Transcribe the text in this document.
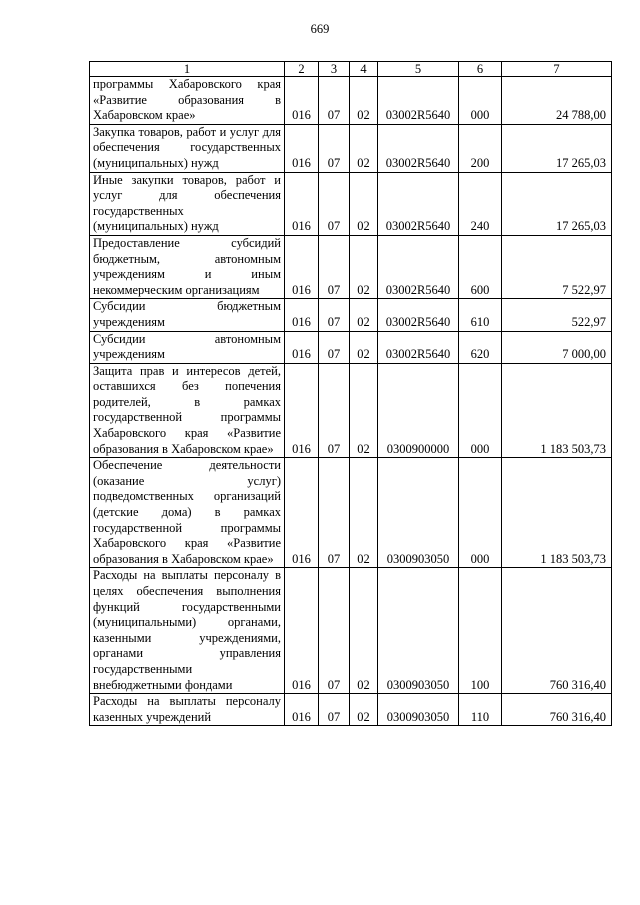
669
1	2	3	4	5	6	7
программы Хабаровского края «Развитие образования в Хабаровском крае»	016	07	02	03002R5640	000	24 788,00
Закупка товаров, работ и услуг для обеспечения государственных (муниципальных) нужд	016	07	02	03002R5640	200	17 265,03
Иные закупки товаров, работ и услуг для обеспечения государственных (муниципальных) нужд	016	07	02	03002R5640	240	17 265,03
Предоставление субсидий бюджетным, автономным учреждениям и иным некоммерческим организациям	016	07	02	03002R5640	600	7 522,97
Субсидии бюджетным учреждениям	016	07	02	03002R5640	610	522,97
Субсидии автономным учреждениям	016	07	02	03002R5640	620	7 000,00
Защита прав и интересов детей, оставшихся без попечения родителей, в рамках государственной программы Хабаровского края «Развитие образования в Хабаровском крае»	016	07	02	0300900000	000	1 183 503,73
Обеспечение деятельности (оказание услуг) подведомственных организаций (детские дома) в рамках государственной программы Хабаровского края «Развитие образования в Хабаровском крае»	016	07	02	0300903050	000	1 183 503,73
Расходы на выплаты персоналу в целях обеспечения выполнения функций государственными (муниципальными) органами, казенными учреждениями, органами управления государственными внебюджетными фондами	016	07	02	0300903050	100	760 316,40
Расходы на выплаты персоналу казенных учреждений	016	07	02	0300903050	110	760 316,40
